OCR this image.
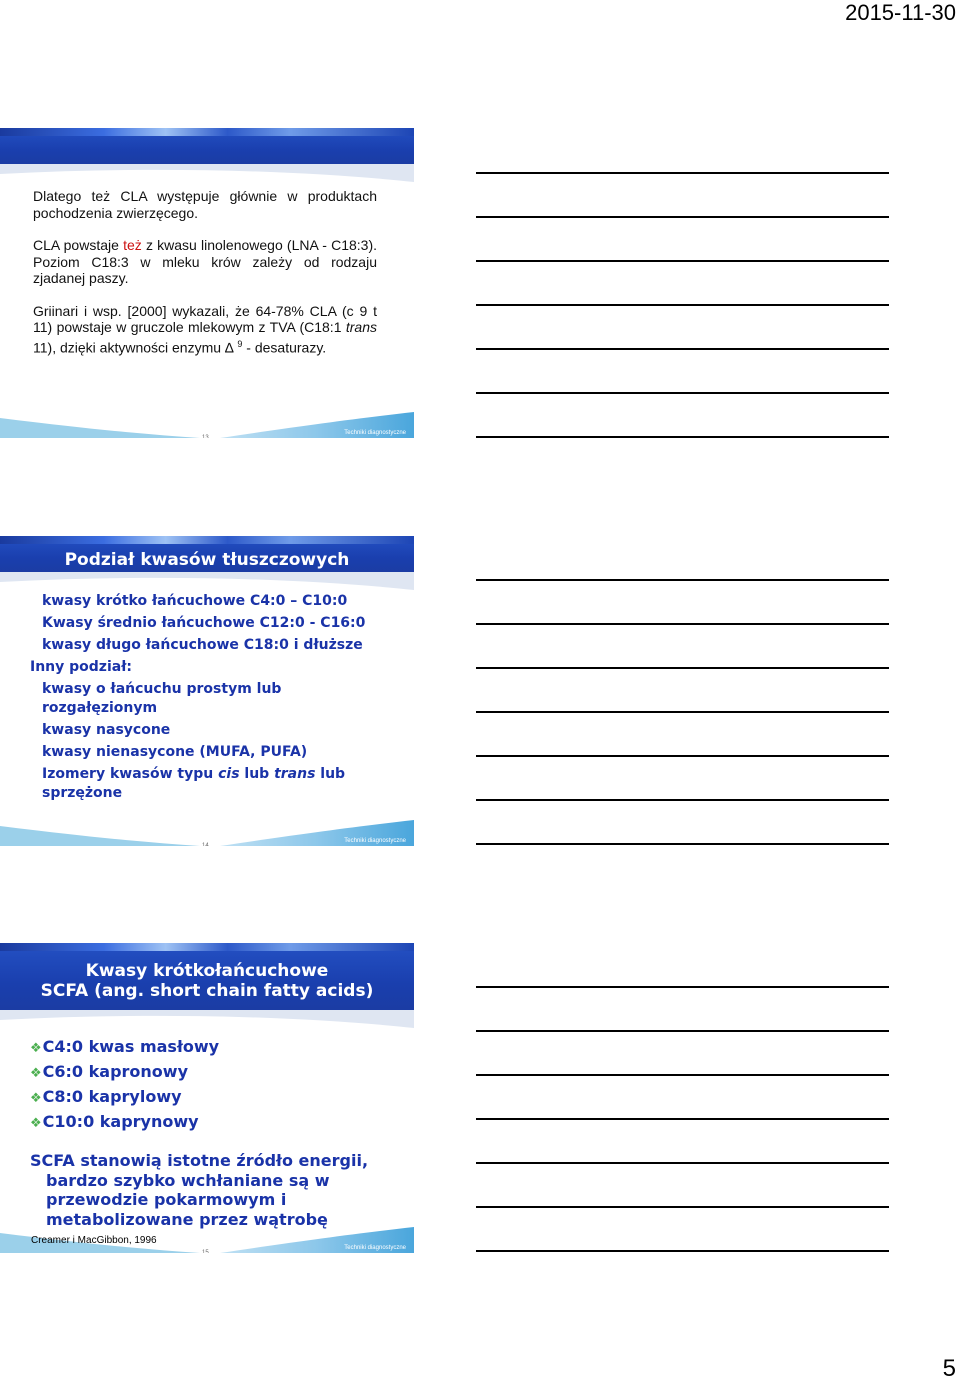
2015-11-30

Dlatego też CLA występuje głównie w produktach pochodzenia zwierzęcego.

CLA powstaje też z kwasu linolenowego (LNA - C18:3). Poziom C18:3 w mleku krów zależy od rodzaju zjadanej paszy.

Griinari i wsp. [2000] wykazali, że 64-78% CLA (c 9 t 11) powstaje w gruczole mlekowym z TVA (C18:1 trans 11), dzięki aktywności enzymu ∆ $^9$ - desaturazy.

Techniki diagnostyczne
13
Podział kwasów tłuszczowych
kwasy krótko łańcuchowe C4:0 – C10:0
Kwasy średnio łańcuchowe C12:0 - C16:0
kwasy długo łańcuchowe C18:0 i dłuższe
Inny podział:
kwasy o łańcuchu prostym lub rozgałęzionym
kwasy nasycone
kwasy nienasycone (MUFA, PUFA)
Izomery kwasów typu cis lub trans lub sprzężone
Techniki diagnostyczne
14
Kwasy krótkołańcuchowe
SCFA (ang. short chain fatty acids)
❖C4:0 kwas masłowy
❖C6:0 kapronowy
❖C8:0 kaprylowy
❖C10:0 kaprynowy
SCFA stanowią istotne źródło energii,
bardzo szybko wchłaniane są w przewodzie pokarmowym i metabolizowane przez wątrobę
Creamer i MacGibbon, 1996
Techniki diagnostyczne
15
5
